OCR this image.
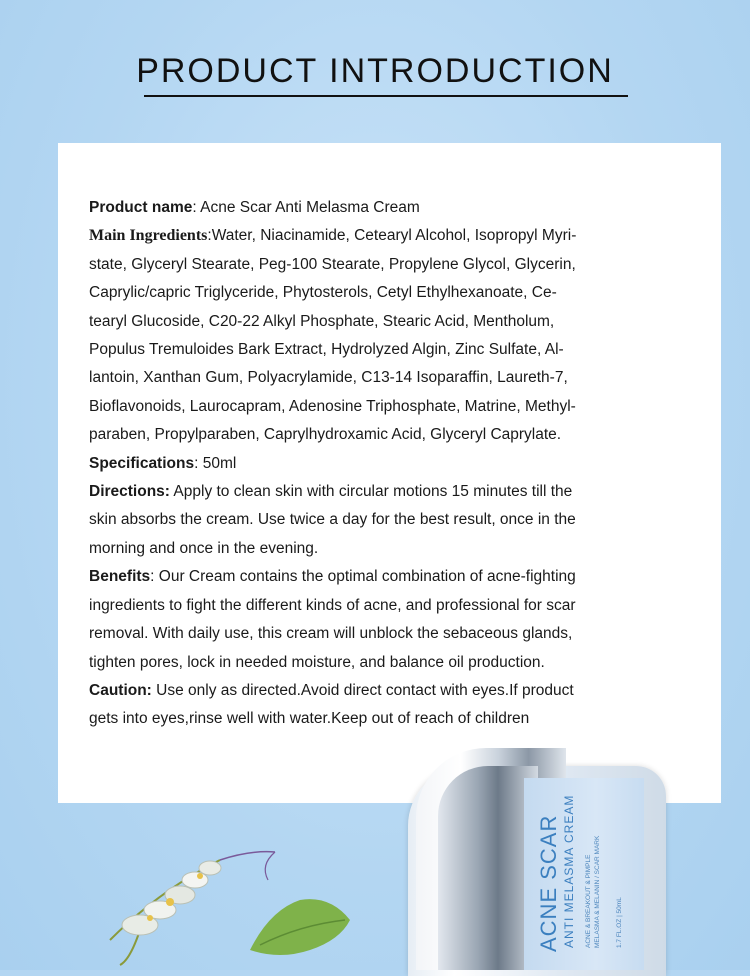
PRODUCT INTRODUCTION

Product name: Acne Scar Anti Melasma Cream

Main Ingredients:Water, Niacinamide, Cetearyl Alcohol, Isopropyl Myri-
state, Glyceryl Stearate, Peg-100 Stearate, Propylene Glycol, Glycerin,
Caprylic/capric Triglyceride, Phytosterols, Cetyl Ethylhexanoate, Ce-
tearyl Glucoside, C20-22 Alkyl Phosphate, Stearic Acid, Mentholum,
Populus Tremuloides Bark Extract, Hydrolyzed Algin, Zinc Sulfate, Al-
lantoin, Xanthan Gum, Polyacrylamide, C13-14 Isoparaffin, Laureth-7,
Bioflavonoids, Laurocapram, Adenosine Triphosphate, Matrine, Methyl-
paraben, Propylparaben, Caprylhydroxamic Acid, Glyceryl Caprylate.

Specifications: 50ml

Directions: Apply to clean skin with circular motions 15 minutes till the
skin absorbs the cream. Use twice a day for the best result, once in the
morning and once in the evening.

Benefits: Our Cream contains the optimal combination of acne-fighting
ingredients to fight the different kinds of acne, and professional for scar
removal. With daily use, this cream will unblock the sebaceous glands,
tighten pores, lock in needed moisture, and balance oil production.

Caution: Use only as directed.Avoid direct contact with eyes.If product
gets into eyes,rinse well with water.Keep out of reach of children

ACNE SCAR ANTI MELASMA CREAM ACNE & BREAKOUT & PIMPLE MELASMA & MELANIN / SCAR MARK 1.7 FL.OZ | 50mL
